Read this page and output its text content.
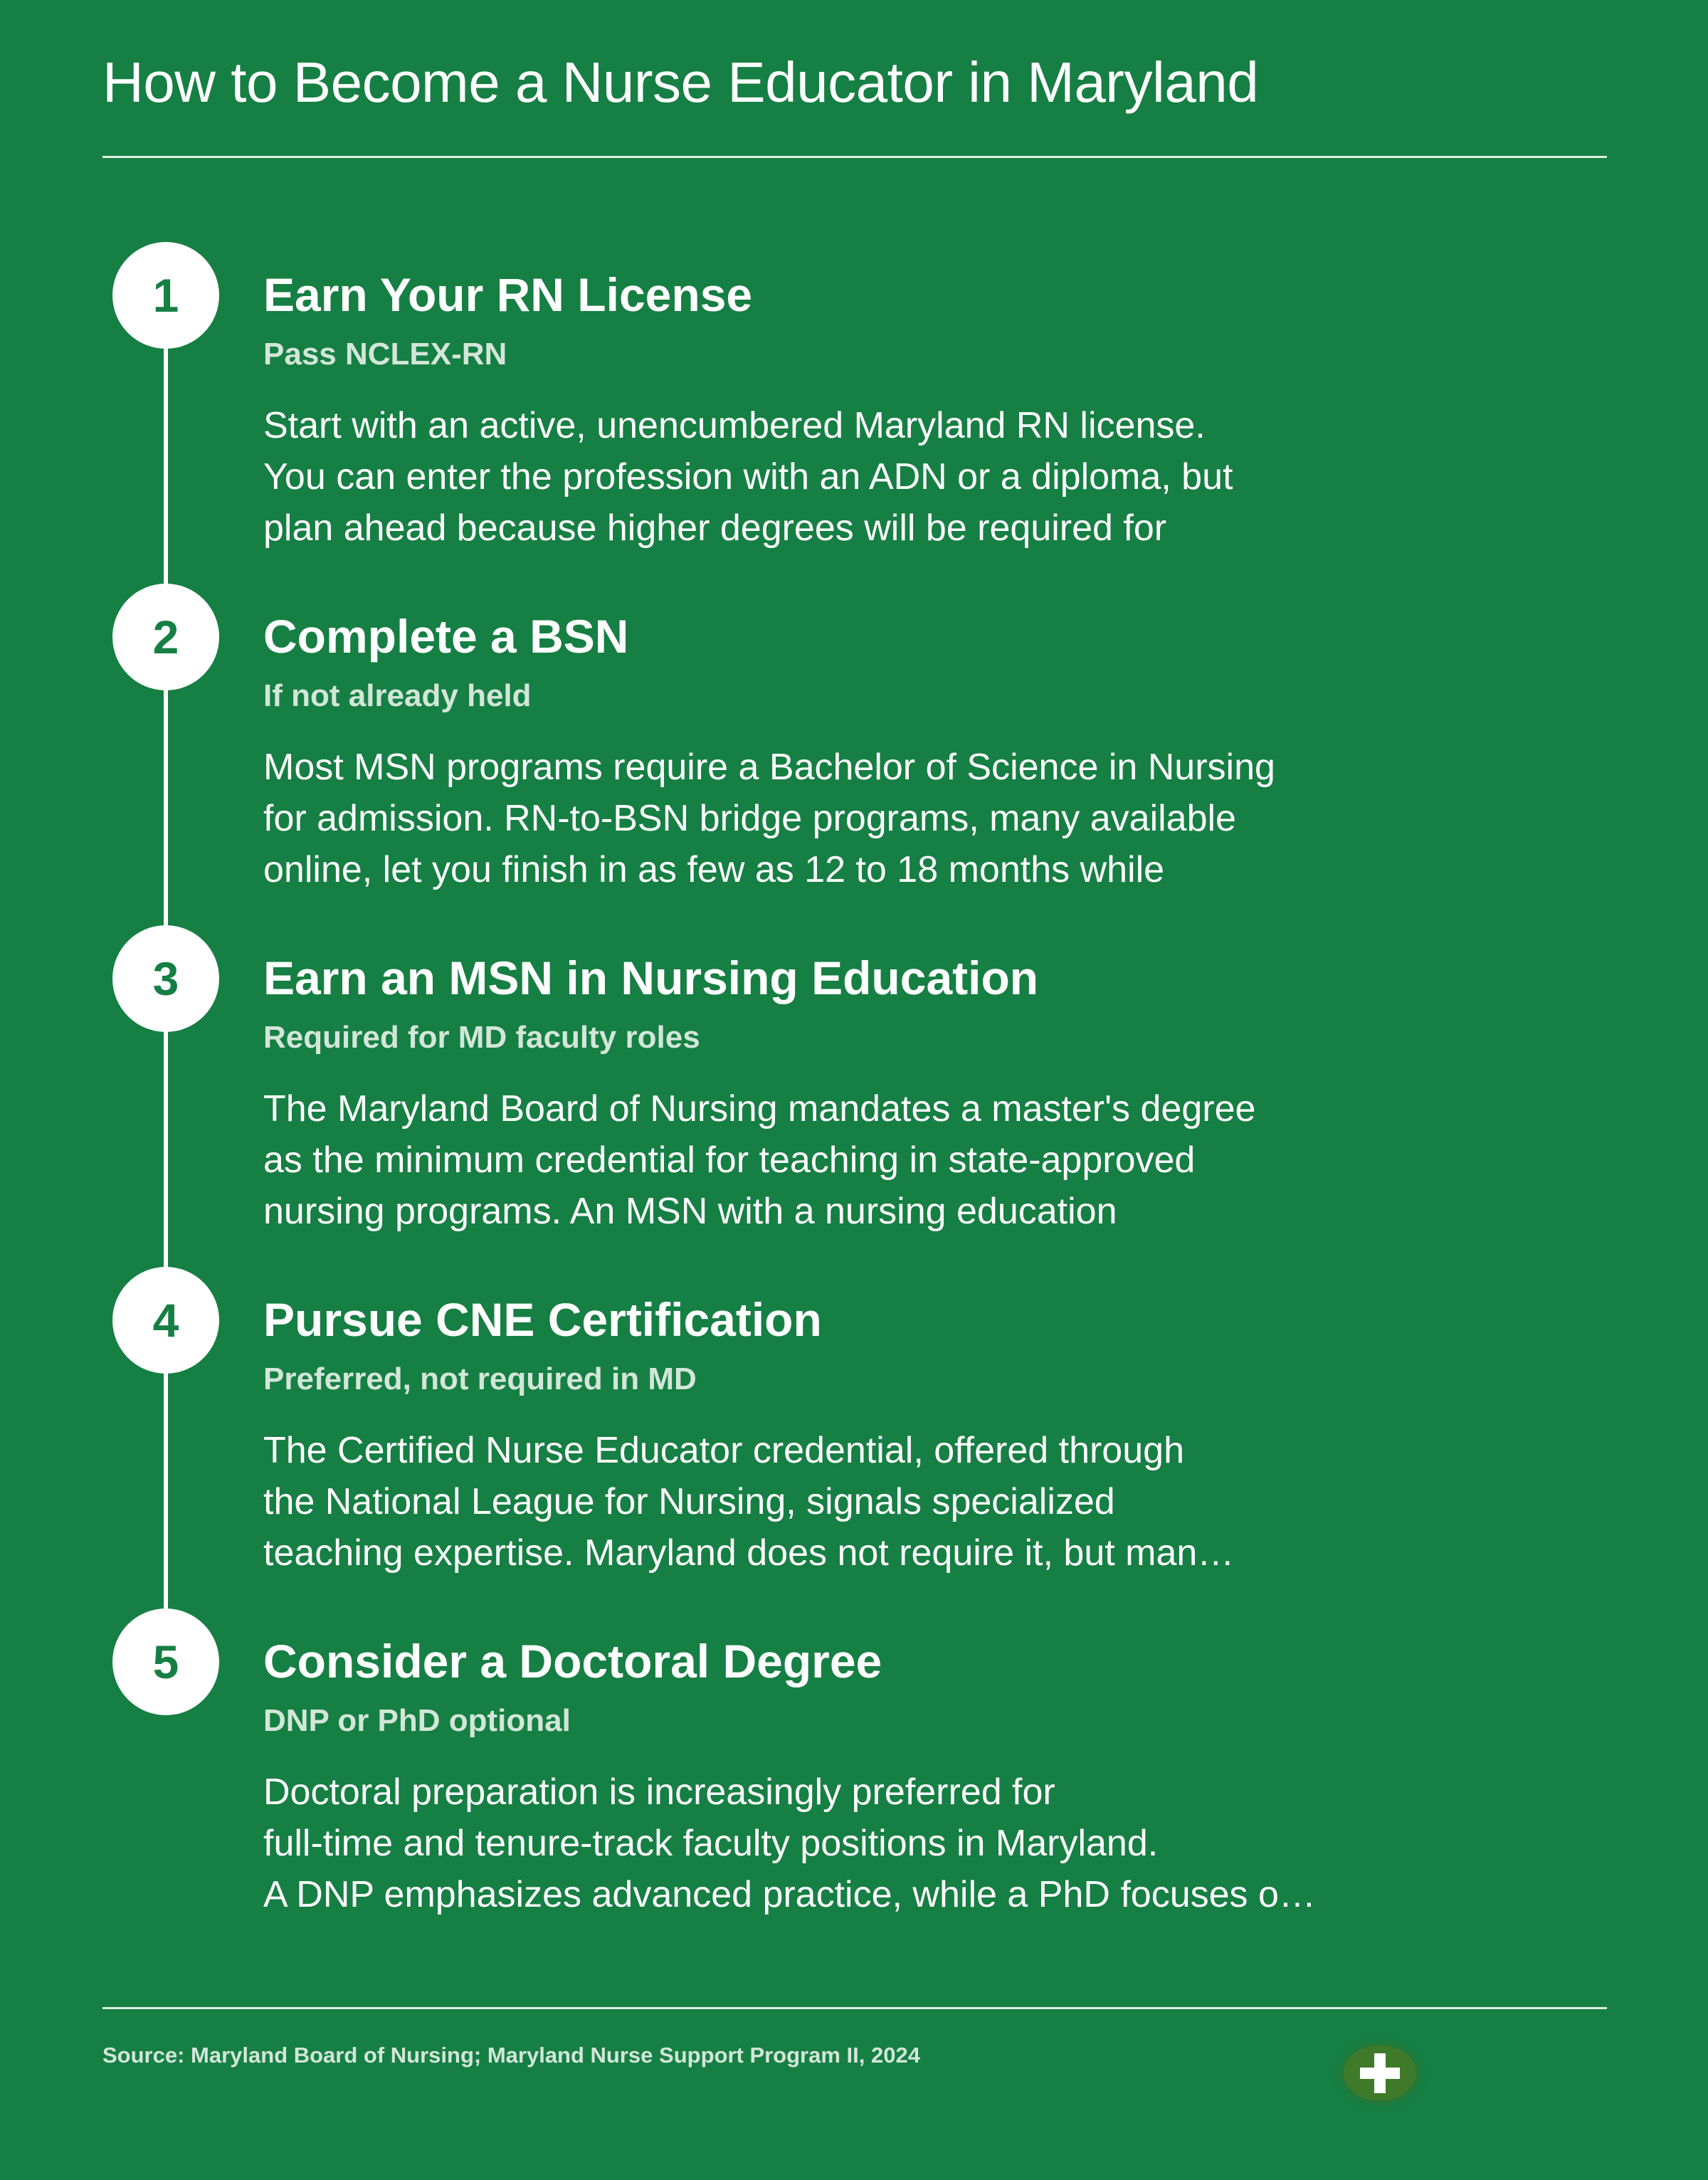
How to Become a Nurse Educator in Maryland
1	Earn Your RN License
Pass NCLEX-RN

Start with an active, unencumbered Maryland RN license.
You can enter the profession with an ADN or a diploma, but
plan ahead because higher degrees will be required for

2	Complete a BSN
If not already held

Most MSN programs require a Bachelor of Science in Nursing
for admission. RN-to-BSN bridge programs, many available
online, let you finish in as few as 12 to 18 months while

3	Earn an MSN in Nursing Education
Required for MD faculty roles

The Maryland Board of Nursing mandates a master's degree
as the minimum credential for teaching in state-approved
nursing programs. An MSN with a nursing education

4	Pursue CNE Certification
Preferred, not required in MD

The Certified Nurse Educator credential, offered through
the National League for Nursing, signals specialized
teaching expertise. Maryland does not require it, but man…

5	Consider a Doctoral Degree
DNP or PhD optional

Doctoral preparation is increasingly preferred for
full-time and tenure-track faculty positions in Maryland.
A DNP emphasizes advanced practice, while a PhD focuses o…

Source: Maryland Board of Nursing; Maryland Nurse Support Program II, 2024
